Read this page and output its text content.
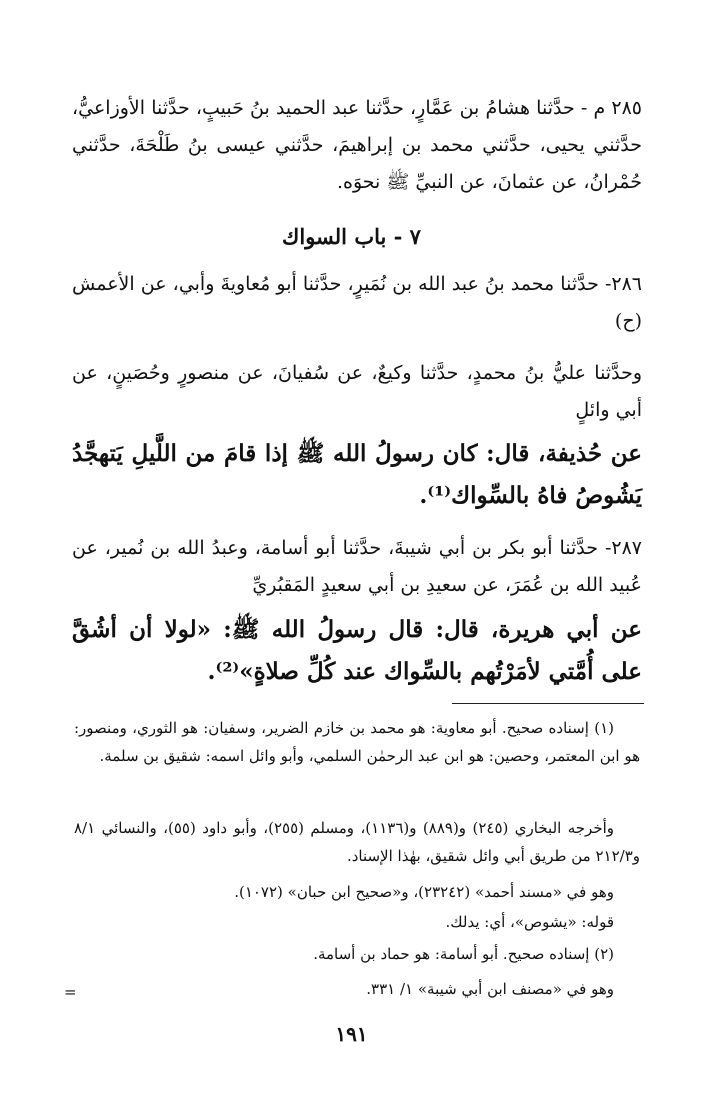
٢٨٥ م - حدَّثنا هشامُ بن عَمَّارٍ، حدَّثنا عبد الحميد بنُ حَبيبٍ، حدَّثنا الأوزاعيُّ، حدَّثني يحيى، حدَّثني محمد بن إبراهيمَ، حدَّثني عيسى بنُ طَلْحَةَ، حدَّثني حُمْرانُ، عن عثمانَ، عن النبيِّ ﷺ نحوَه.

٧ - باب السواك

٢٨٦- حدَّثنا محمد بنُ عبد الله بن نُمَيرٍ، حدَّثنا أبو مُعاويةَ وأبي، عن الأعمش (ح)

وحدَّثنا عليُّ بنُ محمدٍ، حدَّثنا وكيعٌ، عن سُفيانَ، عن منصورٍ وحُصَينٍ، عن أبي وائلٍ

عن حُذيفة، قال: كان رسولُ الله ﷺ إذا قامَ من اللَّيلِ يَتهجَّدُ يَشُوصُ فاهُ بالسِّواك⁽¹⁾.

٢٨٧- حدَّثنا أبو بكر بن أبي شيبةَ، حدَّثنا أبو أسامة، وعبدُ الله بن نُمير، عن عُبيد الله بن عُمَرَ، عن سعيدِ بن أبي سعيدٍ المَقبُريِّ

عن أبي هريرة، قال: قال رسولُ الله ﷺ: «لولا أن أشُقَّ على أُمَّتي لأمَرْتُهم بالسِّواك عند كُلِّ صلاةٍ»⁽²⁾.

(١) إسناده صحيح. أبو معاوية: هو محمد بن خازم الضرير، وسفيان: هو الثوري، ومنصور: هو ابن المعتمر، وحصين: هو ابن عبد الرحمٰن السلمي، وأبو وائل اسمه: شقيق بن سلمة.

وأخرجه البخاري (٢٤٥) و(٨٨٩) و(١١٣٦)، ومسلم (٢٥٥)، وأبو داود (٥٥)، والنسائي ٨/١ و٢١٢/٣ من طريق أبي وائل شقيق، بهٰذا الإسناد.

وهو في «مسند أحمد» (٢٣٢٤٢)، و«صحيح ابن حبان» (١٠٧٢).

قوله: «يشوص»، أي: يدلك.

(٢) إسناده صحيح. أبو أسامة: هو حماد بن أسامة.

وهو في «مصنف ابن أبي شيبة» ١/ ٣٣١.

=
١٩١
